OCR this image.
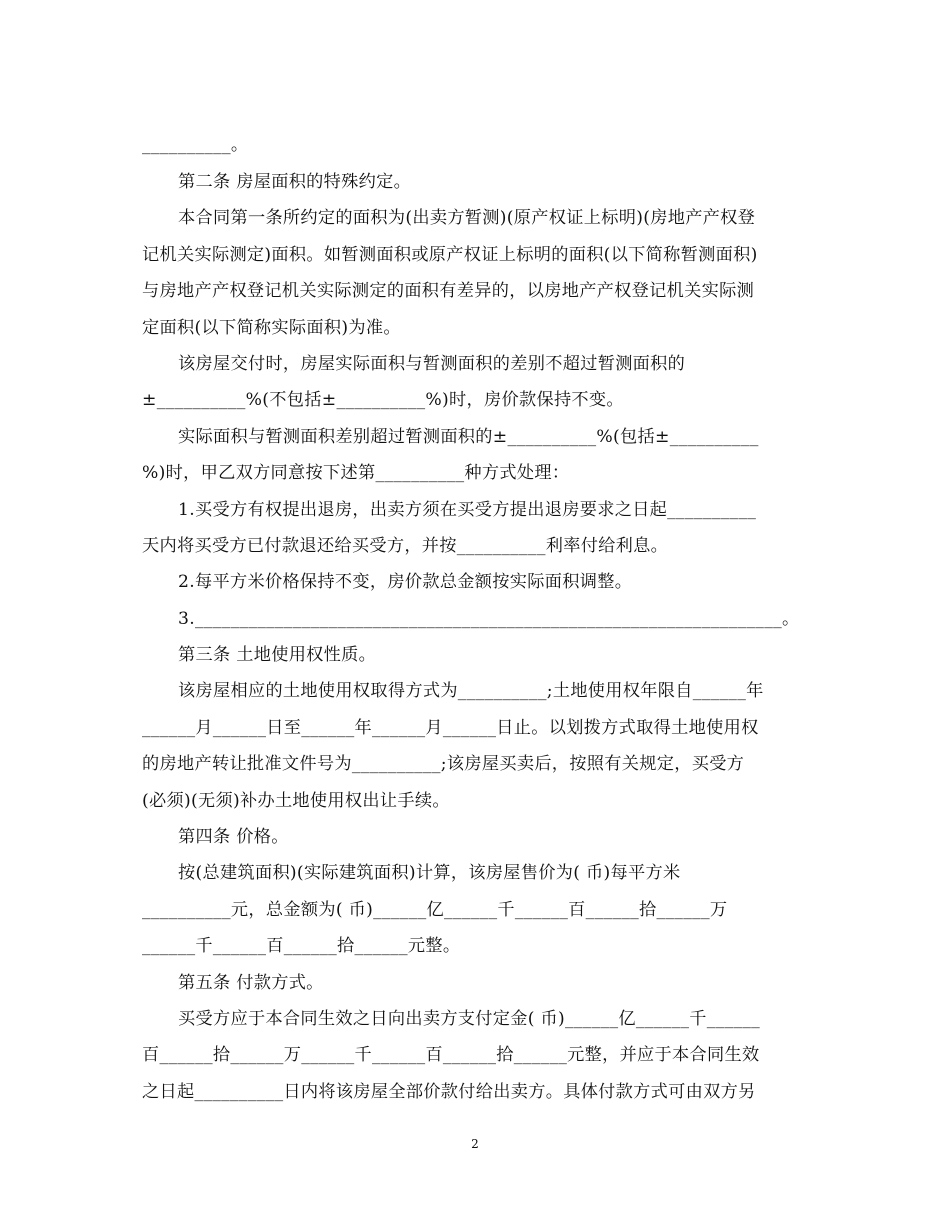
__________。
第二条 房屋面积的特殊约定。
本合同第一条所约定的面积为(出卖方暂测)(原产权证上标明)(房地产产权登
记机关实际测定)面积。如暂测面积或原产权证上标明的面积(以下简称暂测面积)
与房地产产权登记机关实际测定的面积有差异的，以房地产产权登记机关实际测
定面积(以下简称实际面积)为准。
该房屋交付时，房屋实际面积与暂测面积的差别不超过暂测面积的
±__________%(不包括±__________%)时，房价款保持不变。
实际面积与暂测面积差别超过暂测面积的±__________%(包括±__________
%)时，甲乙双方同意按下述第__________种方式处理：
1.买受方有权提出退房，出卖方须在买受方提出退房要求之日起__________
天内将买受方已付款退还给买受方，并按__________利率付给利息。
2.每平方米价格保持不变，房价款总金额按实际面积调整。
3.__________________________________________________________________。
第三条 土地使用权性质。
该房屋相应的土地使用权取得方式为__________;土地使用权年限自______年
______月______日至______年______月______日止。以划拨方式取得土地使用权
的房地产转让批准文件号为__________;该房屋买卖后，按照有关规定，买受方
(必须)(无须)补办土地使用权出让手续。
第四条 价格。
按(总建筑面积)(实际建筑面积)计算，该房屋售价为( 币)每平方米
__________元，总金额为( 币)______亿______千______百______拾______万
______千______百______拾______元整。
第五条 付款方式。
买受方应于本合同生效之日向出卖方支付定金( 币)______亿______千______
百______拾______万______千______百______拾______元整，并应于本合同生效
之日起__________日内将该房屋全部价款付给出卖方。具体付款方式可由双方另
2
